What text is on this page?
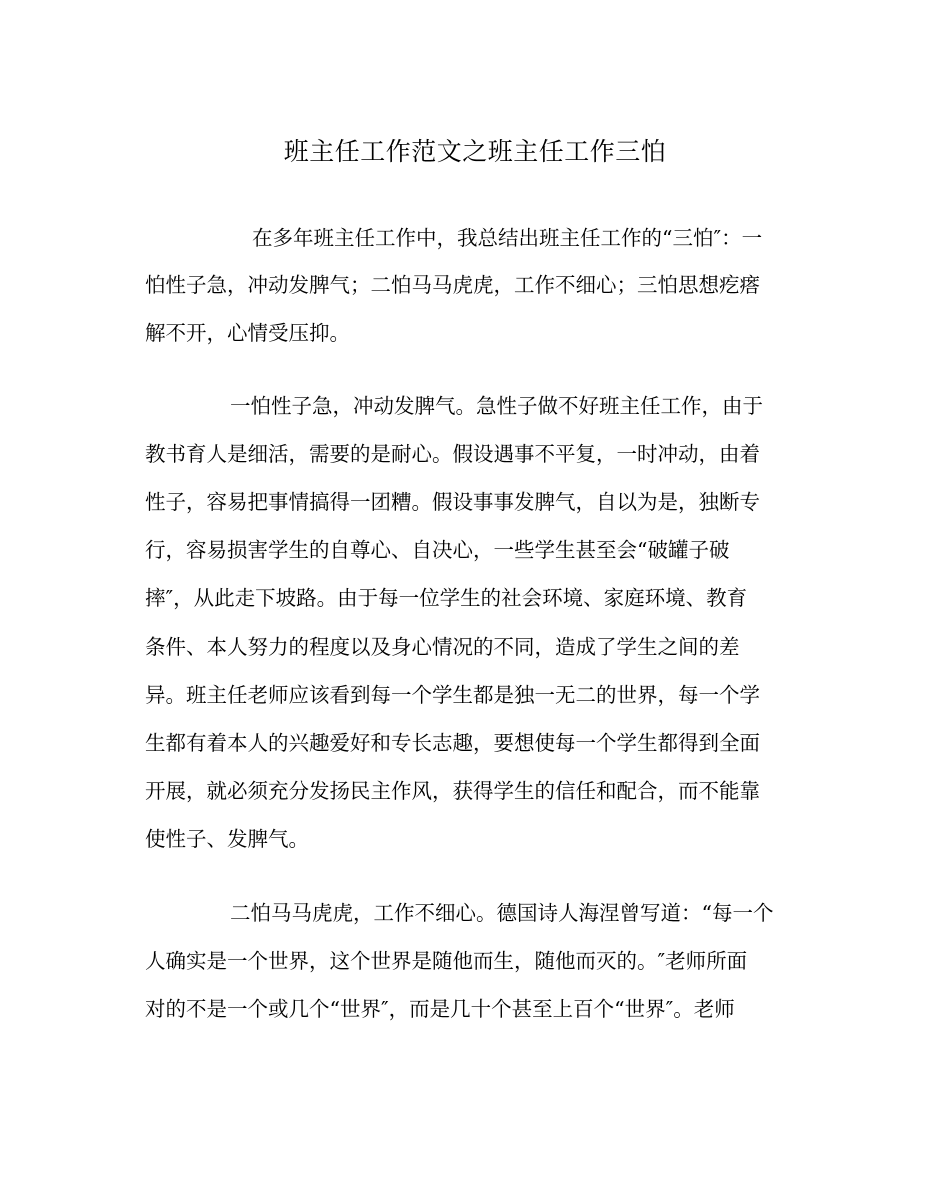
班主任工作范文之班主任工作三怕
在多年班主任工作中，我总结出班主任工作的“三怕″：一
怕性子急，冲动发脾气；二怕马马虎虎，工作不细心；三怕思想疙瘩
解不开，心情受压抑。
一怕性子急，冲动发脾气。急性子做不好班主任工作，由于
教书育人是细活，需要的是耐心。假设遇事不平复，一时冲动，由着
性子，容易把事情搞得一团糟。假设事事发脾气，自以为是，独断专
行，容易损害学生的自尊心、自决心，一些学生甚至会“破罐子破
摔″，从此走下坡路。由于每一位学生的社会环境、家庭环境、教育
条件、本人努力的程度以及身心情况的不同，造成了学生之间的差
异。班主任老师应该看到每一个学生都是独一无二的世界，每一个学
生都有着本人的兴趣爱好和专长志趣，要想使每一个学生都得到全面
开展，就必须充分发扬民主作风，获得学生的信任和配合，而不能靠
使性子、发脾气。
二怕马马虎虎，工作不细心。德国诗人海涅曾写道：“每一个
人确实是一个世界，这个世界是随他而生，随他而灭的。″老师所面
对的不是一个或几个“世界″，而是几十个甚至上百个“世界″。老师
